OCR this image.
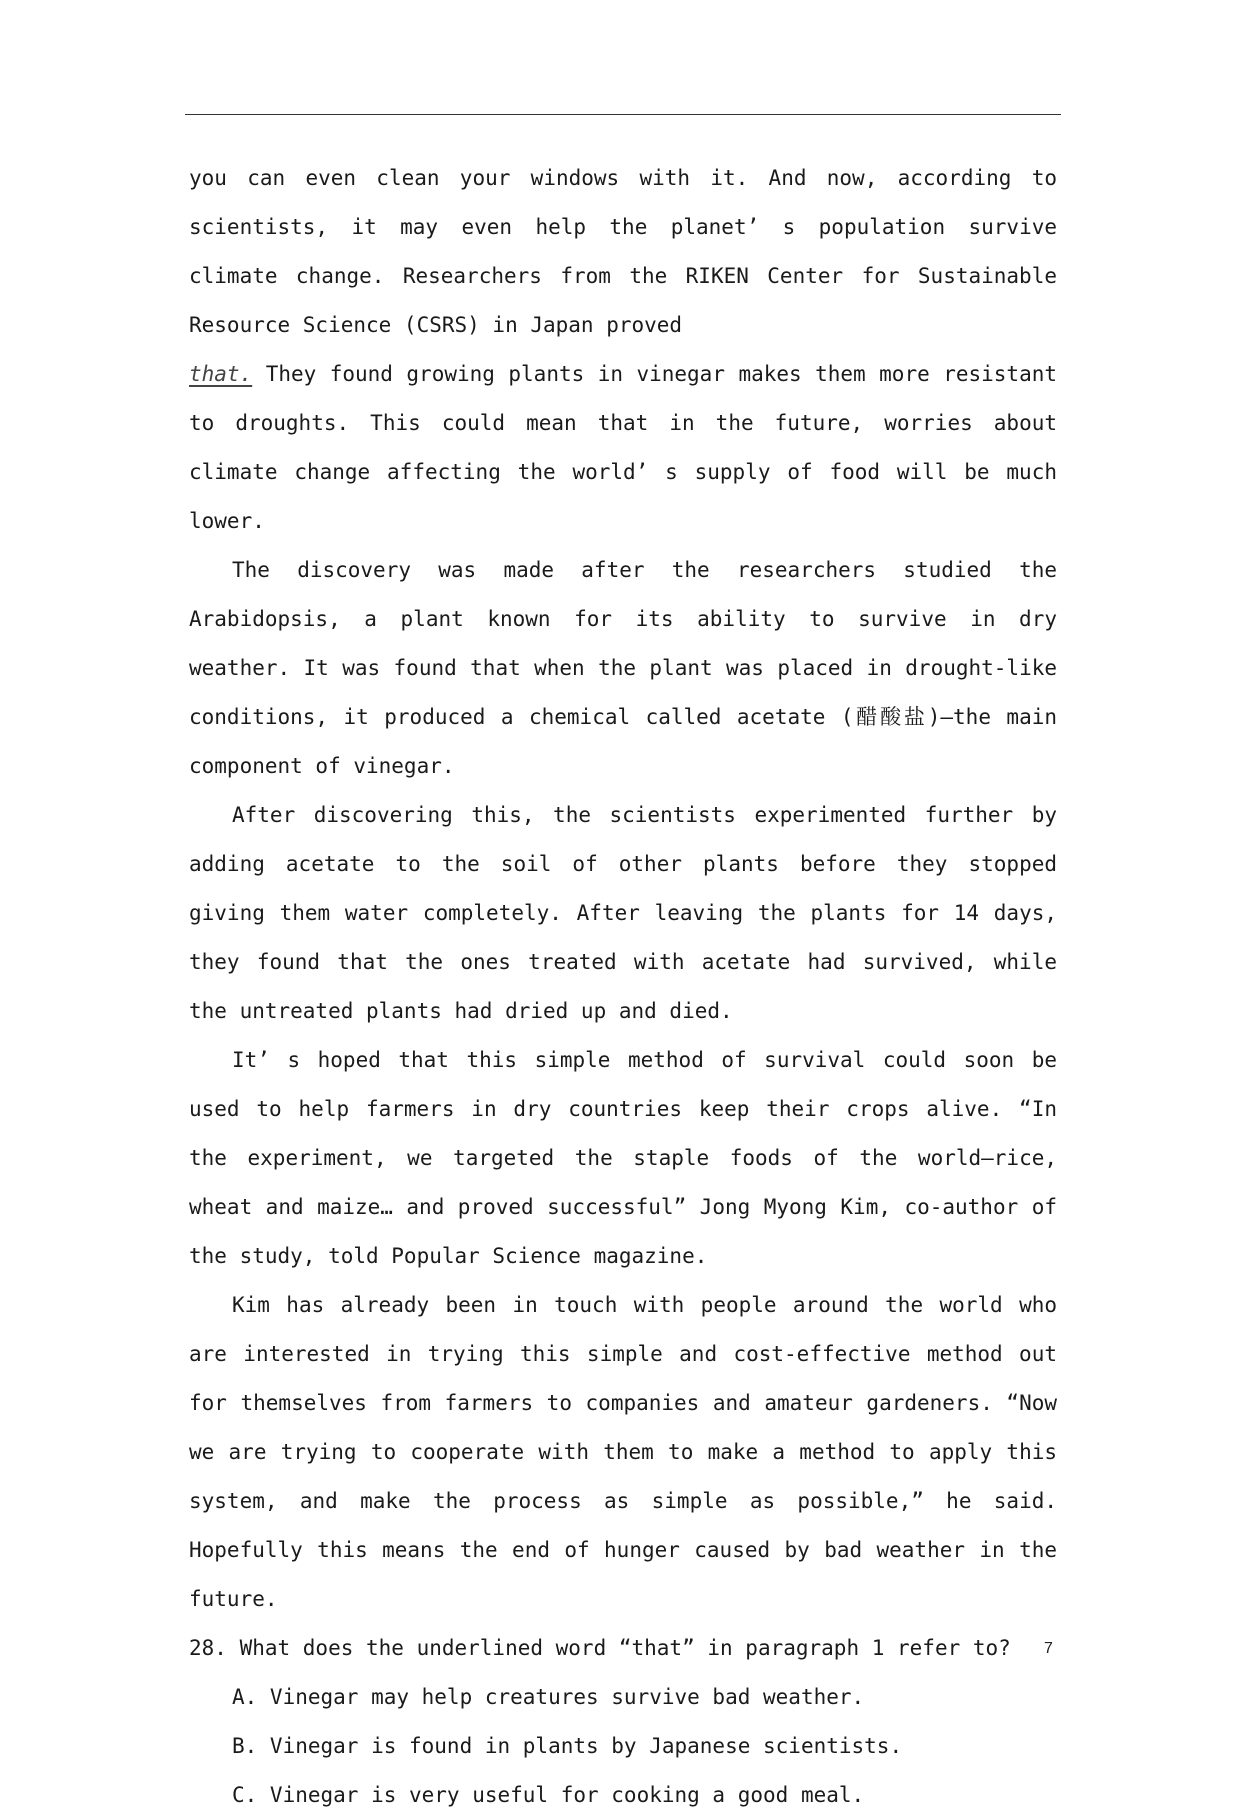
you can even clean your windows with it. And now, according to scientists, it may even help the planet’ s population survive climate change. Researchers from the RIKEN Center for Sustainable Resource Science (CSRS) in Japan proved
that. They found growing plants in vinegar makes them more resistant to droughts. This could mean that in the future, worries about climate change affecting the world’ s supply of food will be much lower.

The discovery was made after the researchers studied the Arabidopsis, a plant known for its ability to survive in dry weather. It was found that when the plant was placed in drought-like conditions, it produced a chemical called acetate (醋酸盐)—the main component of vinegar.

After discovering this, the scientists experimented further by adding acetate to the soil of other plants before they stopped giving them water completely. After leaving the plants for 14 days, they found that the ones treated with acetate had survived, while the untreated plants had dried up and died.

It’ s hoped that this simple method of survival could soon be used to help farmers in dry countries keep their crops alive. “In the experiment, we targeted the staple foods of the world—rice, wheat and maize… and proved successful” Jong Myong Kim, co-author of the study, told Popular Science magazine.

Kim has already been in touch with people around the world who are interested in trying this simple and cost-effective method out for themselves from farmers to companies and amateur gardeners. “Now we are trying to cooperate with them to make a method to apply this system, and make the process as simple as possible,” he said. Hopefully this means the end of hunger caused by bad weather in the future.

28. What does the underlined word “that” in paragraph 1 refer to?

A. Vinegar may help creatures survive bad weather.

B. Vinegar is found in plants by Japanese scientists.

C. Vinegar is very useful for cooking a good meal.

7
